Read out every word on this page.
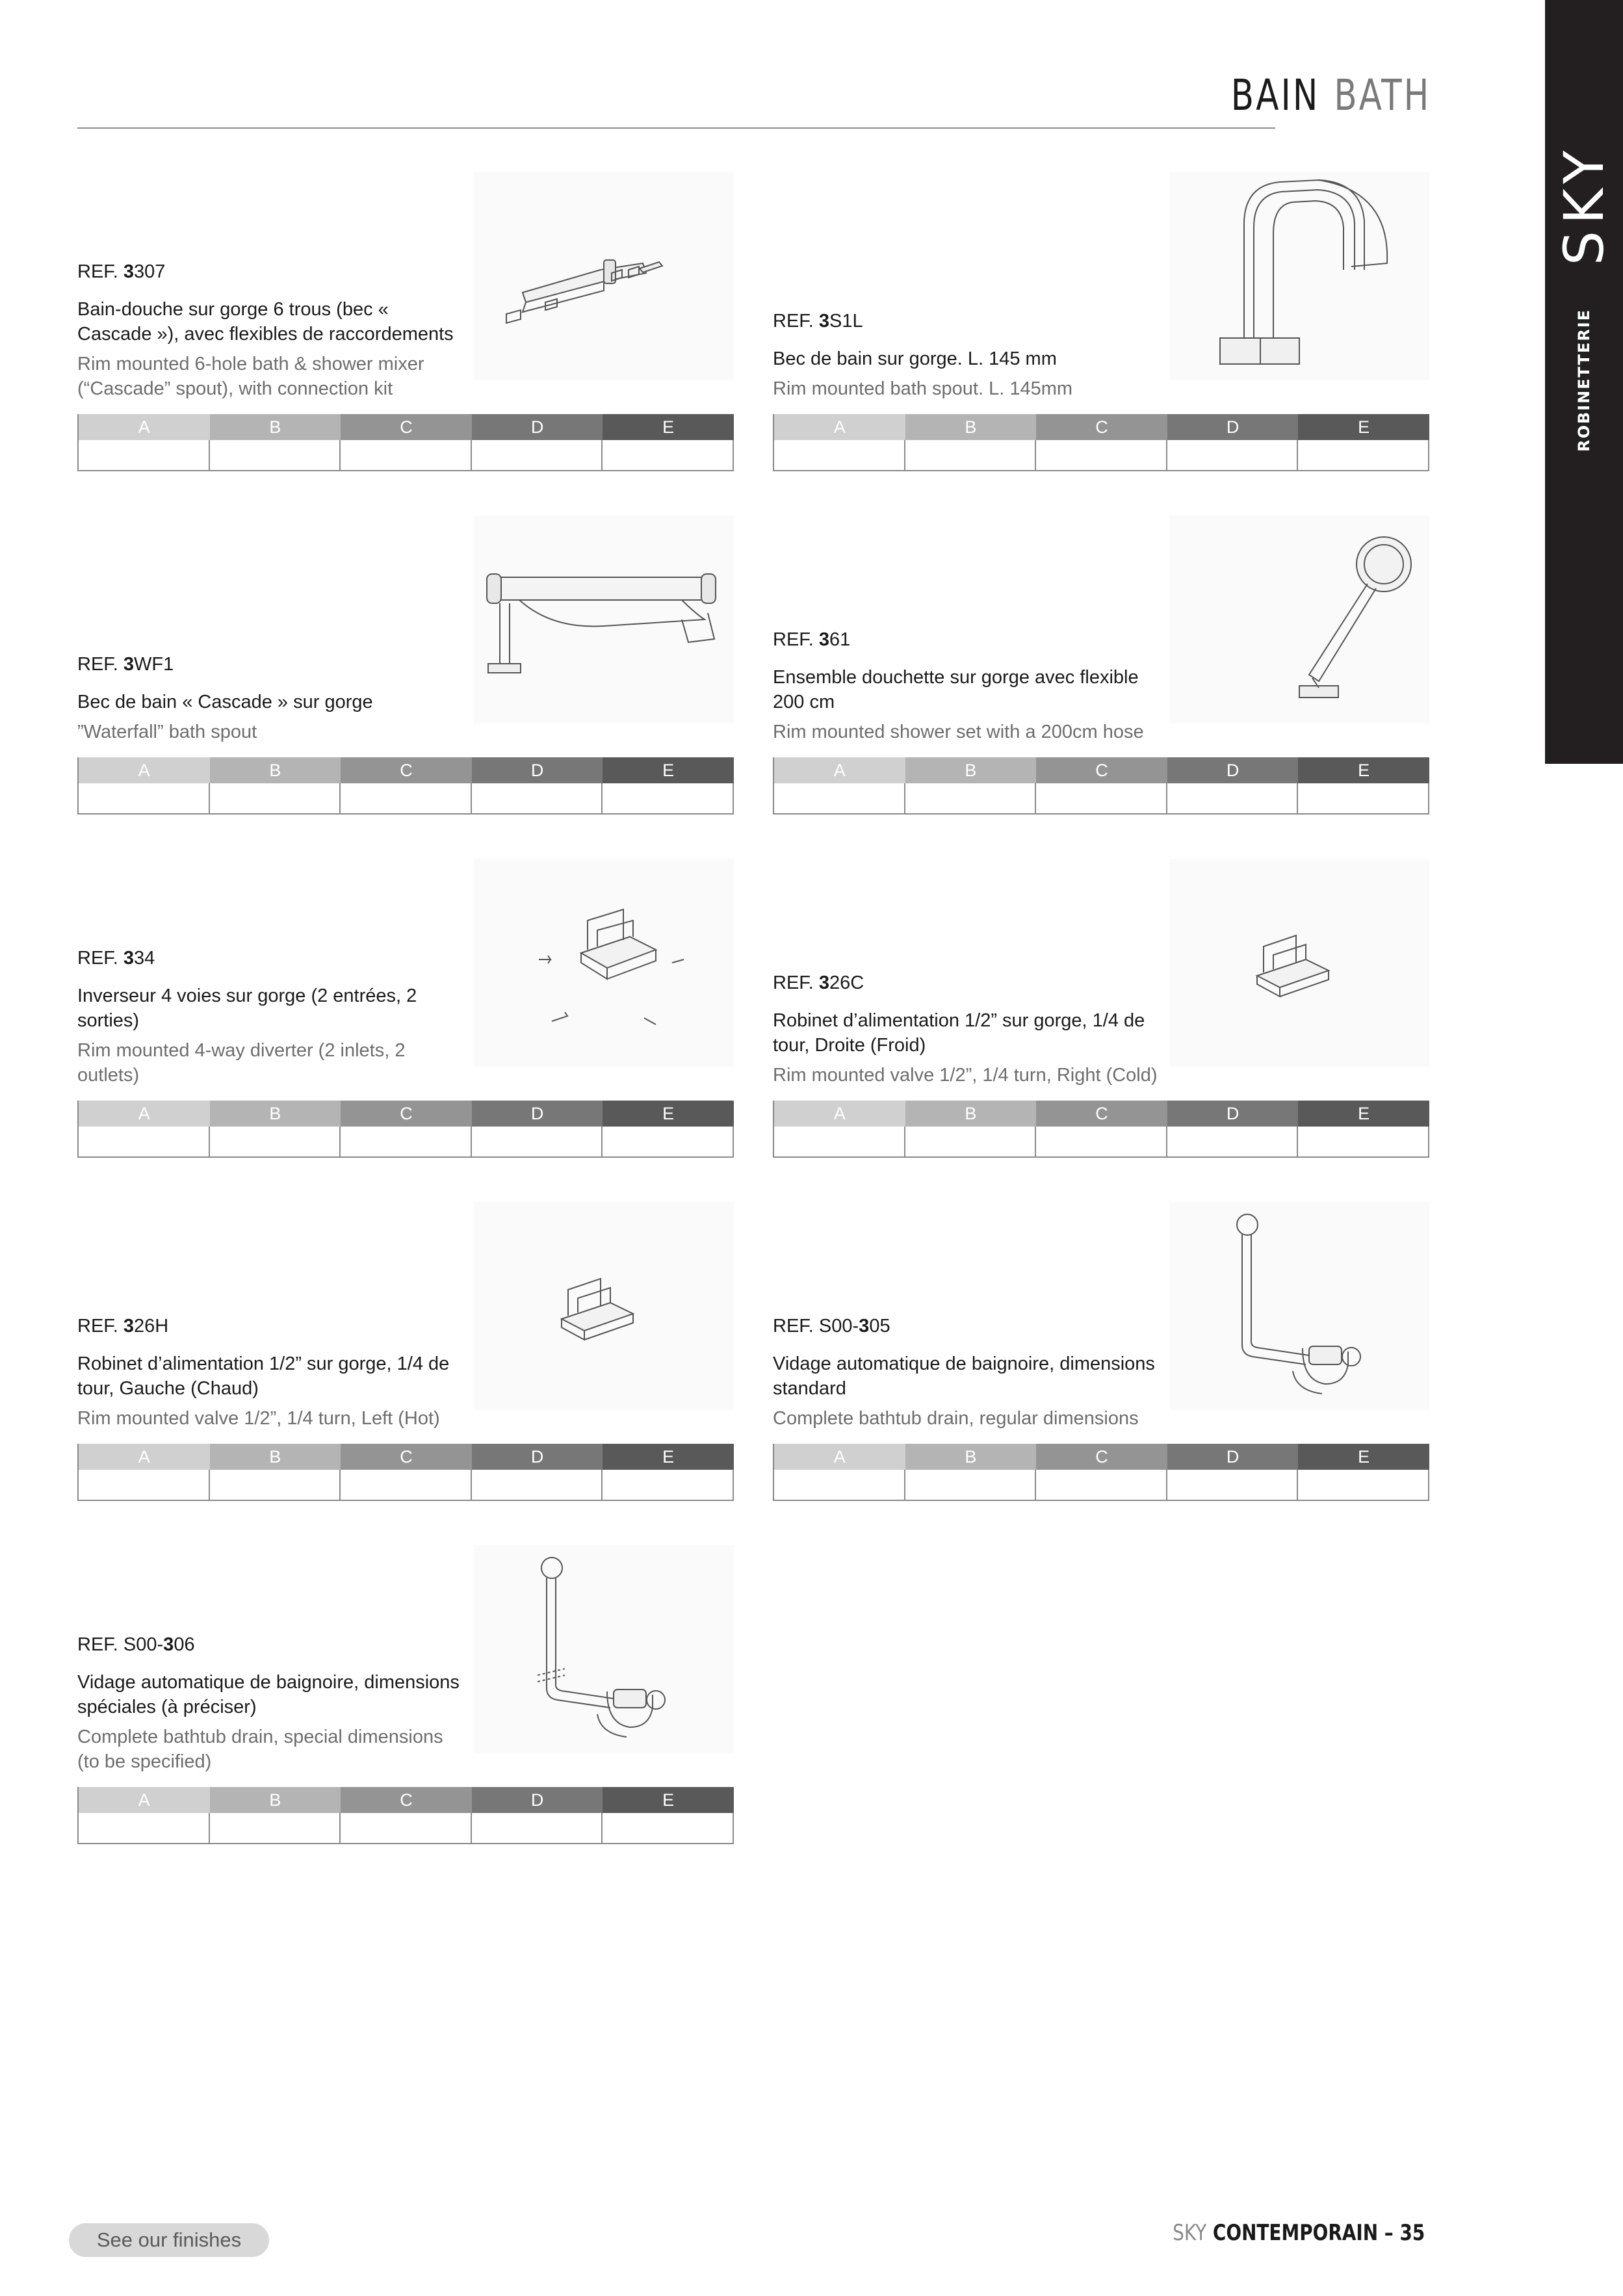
BAIN BATH
SKY
ROBINETTERIE

REF. 3307

Bain-douche sur gorge 6 trous (bec « Cascade »), avec flexibles de raccordements

Rim mounted 6-hole bath & shower mixer (“Cascade” spout), with connection kit

A	B	C	D	E

REF. 3S1L

Bec de bain sur gorge. L. 145 mm

Rim mounted bath spout. L. 145mm

A	B	C	D	E

REF. 3WF1

Bec de bain « Cascade » sur gorge

”Waterfall” bath spout

A	B	C	D	E

REF. 361

Ensemble douchette sur gorge avec flexible 200 cm

Rim mounted shower set with a 200cm hose

A	B	C	D	E

REF. 334

Inverseur 4 voies sur gorge (2 entrées, 2 sorties)

Rim mounted 4-way diverter (2 inlets, 2 outlets)

A	B	C	D	E

REF. 326C

Robinet d’alimentation 1/2” sur gorge, 1/4 de tour, Droite (Froid)

Rim mounted valve 1/2”, 1/4 turn, Right (Cold)

A	B	C	D	E

REF. 326H

Robinet d’alimentation 1/2” sur gorge, 1/4 de tour, Gauche (Chaud)

Rim mounted valve 1/2”, 1/4 turn, Left (Hot)

A	B	C	D	E

REF. S00-305

Vidage automatique de baignoire, dimensions standard

Complete bathtub drain, regular dimensions

A	B	C	D	E

REF. S00-306

Vidage automatique de baignoire, dimensions spéciales (à préciser)

Complete bathtub drain, special dimensions (to be specified)

A	B	C	D	E
See our finishes	SKY CONTEMPORAIN – 35
